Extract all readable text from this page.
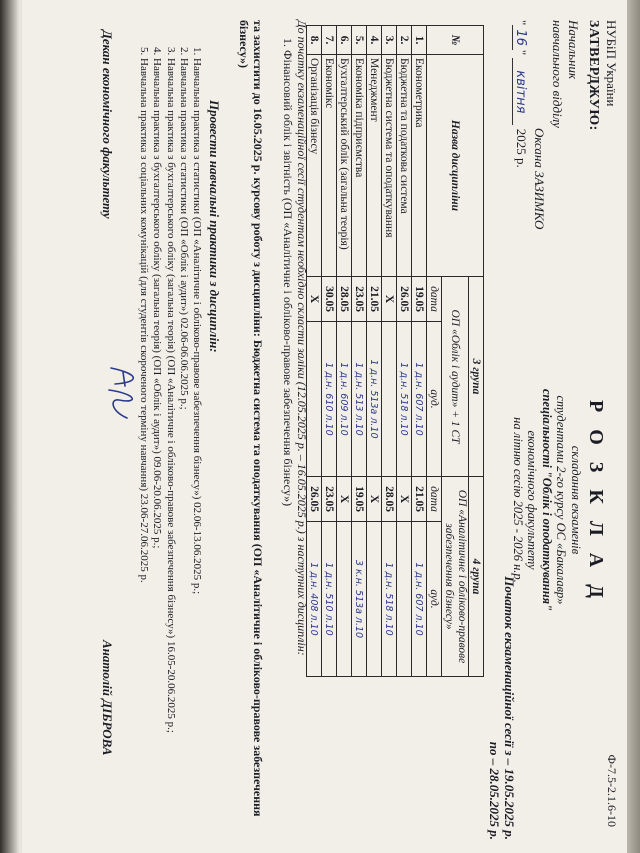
НУБіП України
ЗАТВЕРДЖУЮ:
Начальник
навчального відділу
Оксана ЗАЗИМКО
"16" квітня 2025 р.
Ф-7.5-2.1.6-10
Р О З К Л А Д
складання екзаменів
студентами 2-го курсу ОС «Бакалавр»
спеціальності "Облік і оподаткування"
економічного факультету
на літню сесію 2025 - 2026 н.р.
Початок екзаменаційної сесії з – 19.05.2025 р.
по – 28.05.2025 р.
№	Назва дисципліни	3 група		4 група	
		ОП «Облік і аудит» + 1 СТ		ОП «Аналітичне і обліково-правове забезпечення бізнесу»	
		дата	ауд.	дата	ауд.
1.	Економетрика	19.05	1 д.н. 607 л.10	21.05	1 д.н. 607 л.10
2.	Бюджетна та податкова система	26.05	1 д.н. 518 л.10	Х	
3.	Бюджетна система та оподаткування	Х		28.05	1 д.н. 518 л.10
4.	Менеджмент	21.05	1 д.н. 513а л.10	Х	
5.	Економіка підприємства	23.05	1 д.н. 513 л.10	19.05	3 к.н. 513а л.10
6.	Бухгалтерський облік (загальна теорія)	28.05	1 д.н. 609 л.10	Х	
7.	Економікс	30.05	1 д.н. 610 л.10	23.05	1 д.н. 510 л.10
8.	Організація бізнесу	Х		26.05	1 д.н. 408 л.10
До початку екзаменаційної сесії студентам необхідно скласти заліки (12.05.2025 р. – 16.05.2025 р.) з наступних дисциплін:
1. Фінансовий облік і звітність (ОП «Аналітичне і обліково-правове забезпечення бізнесу»)
та захистити до 16.05.2025 р. курсову роботу з дисципліни: Бюджетна система та оподаткування (ОП «Аналітичне і обліково-правове забезпечення бізнесу»)
Провести навчальні практики з дисциплін:
1. Навчальна практика з статистики (ОП «Аналітичне і обліково-правове забезпечення бізнесу») 02.06-13.06.2025 р.;
2. Навчальна практика з статистики (ОП «Облік і аудит») 02.06-06.06.2025 р.;
3. Навчальна практика з бухгалтерського обліку (загальна теорія) (ОП «Аналітичне і обліково-правове забезпечення бізнесу») 16.05-20.06.2025 р.;
4. Навчальна практика з бухгалтерського обліку (загальна теорія) (ОП «Облік і аудит») 09.06-20.06.2025 р.;
5. Навчальна практика з соціальних комунікацій (для студентів скороченого терміну навчання) 23.06-27.06.2025 р.
Декан економічного факультету
Анатолій ДІБРОВА
